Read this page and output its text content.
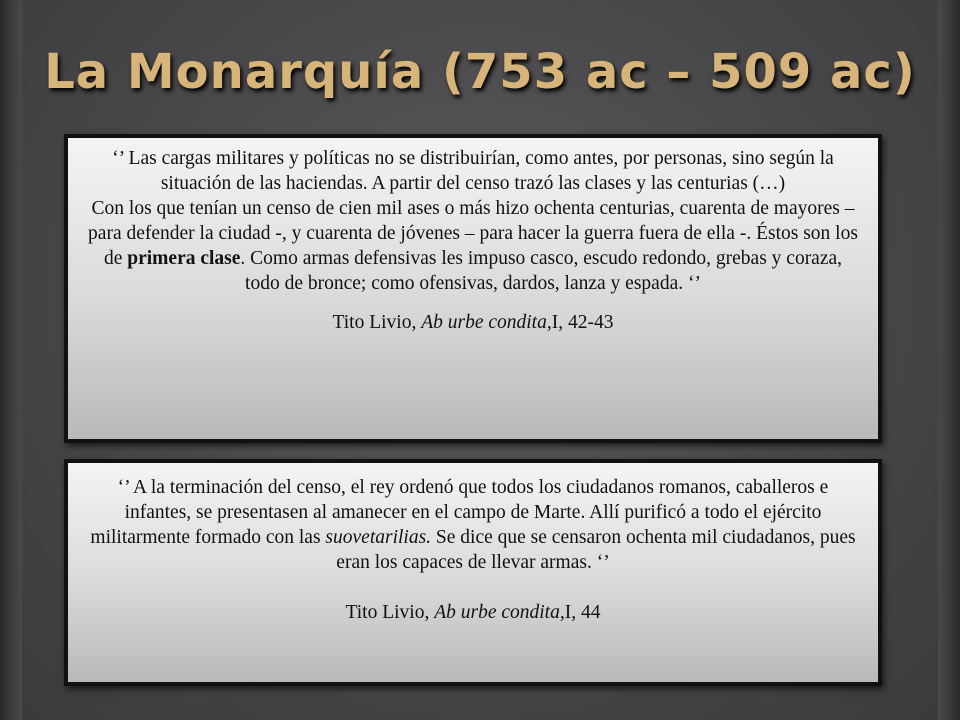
La Monarquía (753 ac – 509 ac)

‘’ Las cargas militares y políticas no se distribuirían, como antes, por personas, sino según la situación de las haciendas. A partir del censo trazó las clases y las centurias (…)

Con los que tenían un censo de cien mil ases o más hizo ochenta centurias, cuarenta de mayores – para defender la ciudad -, y cuarenta de jóvenes – para hacer la guerra fuera de ella -. Éstos son los de primera clase. Como armas defensivas les impuso casco, escudo redondo, grebas y coraza, todo de bronce; como ofensivas, dardos, lanza y espada. ‘’

Tito Livio, Ab urbe condita,I, 42-43

‘’ A la terminación del censo, el rey ordenó que todos los ciudadanos romanos, caballeros e infantes, se presentasen al amanecer en el campo de Marte. Allí purificó a todo el ejército militarmente formado con las suovetarilias. Se dice que se censaron ochenta mil ciudadanos, pues eran los capaces de llevar armas. ‘’

Tito Livio, Ab urbe condita,I, 44
